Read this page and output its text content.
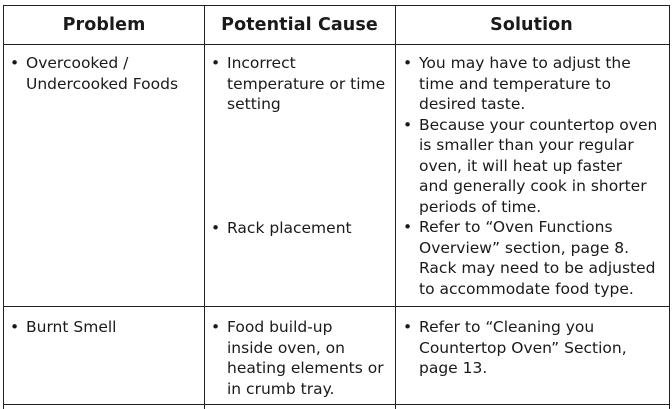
Problem	Potential Cause	Solution
• Overcooked /
Undercooked Foods
• Incorrect
temperature or time
setting
• Rack placement
• You may have to adjust the
time and temperature to
desired taste.
• Because your countertop oven
is smaller than your regular
oven, it will heat up faster
and generally cook in shorter
periods of time.
• Refer to “Oven Functions
Overview” section, page 8.
Rack may need to be adjusted
to accommodate food type.
• Burnt Smell
•	Food build-up
inside oven, on
heating elements or
in crumb tray.
• Refer to “Cleaning you
Countertop Oven” Section,
page 13.
